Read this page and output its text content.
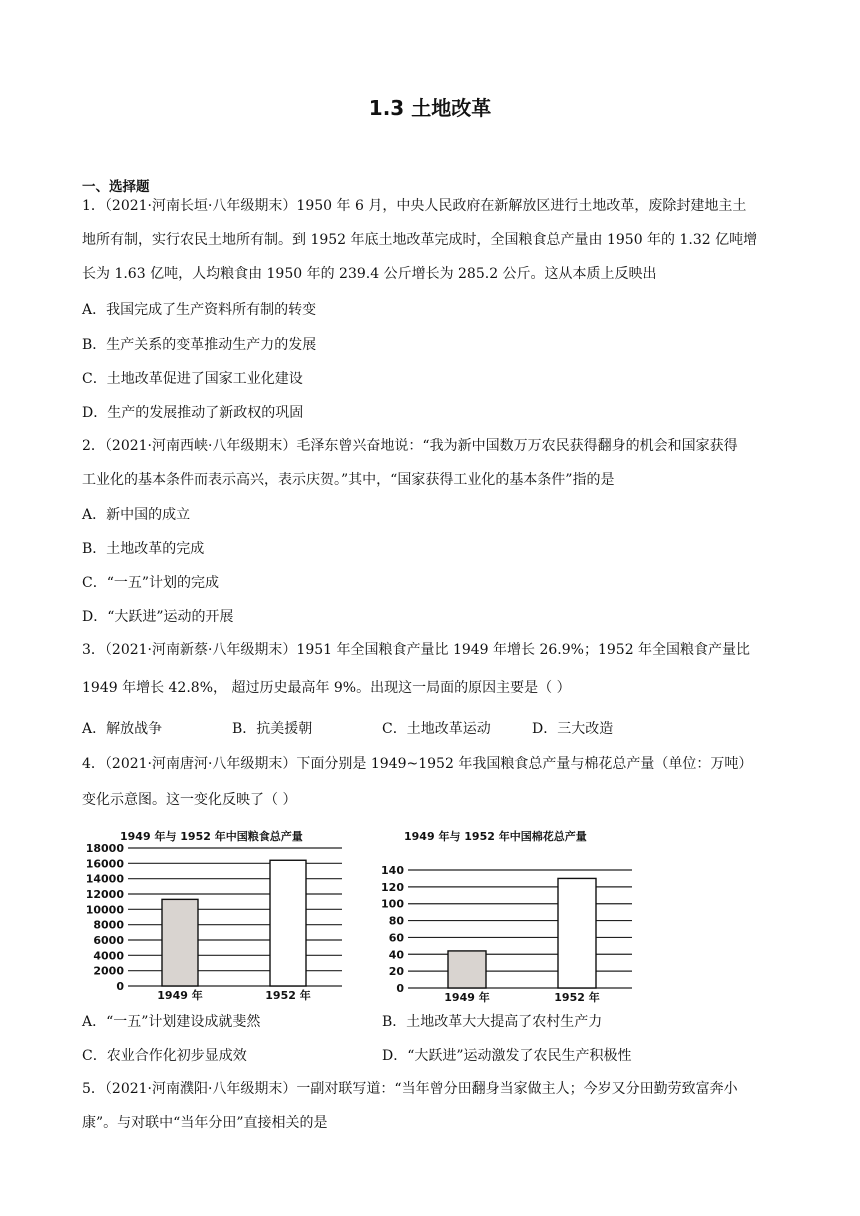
1.3 土地改革
一、选择题
1．（2021·河南长垣·八年级期末）1950 年 6 月，中央人民政府在新解放区进行土地改革，废除封建地主土
地所有制，实行农民土地所有制。到 1952 年底土地改革完成时，全国粮食总产量由 1950 年的 1.32 亿吨增
长为 1.63 亿吨，人均粮食由 1950 年的 239.4 公斤增长为 285.2 公斤。这从本质上反映出
A．我国完成了生产资料所有制的转变
B．生产关系的变革推动生产力的发展
C．土地改革促进了国家工业化建设
D．生产的发展推动了新政权的巩固
2．（2021·河南西峡·八年级期末）毛泽东曾兴奋地说：“我为新中国数万万农民获得翻身的机会和国家获得
工业化的基本条件而表示高兴，表示庆贺。”其中，“国家获得工业化的基本条件”指的是
A．新中国的成立
B．土地改革的完成
C．“一五”计划的完成
D．“大跃进”运动的开展
3．（2021·河南新蔡·八年级期末）1951 年全国粮食产量比 1949 年增长 26.9%；1952 年全国粮食产量比
1949 年增长 42.8%， 超过历史最高年 9%。出现这一局面的原因主要是（ ）
A．解放战争	B．抗美援朝	C．土地改革运动	D．三大改造
4．（2021·河南唐河·八年级期末）下面分别是 1949~1952 年我国粮食总产量与棉花总产量（单位：万吨）
变化示意图。这一变化反映了（ ）
1949 年与 1952 年中国粮食总产量
0
2000
4000
6000
8000
10000
12000
14000
16000
18000
1949 年	1952 年
1949 年与 1952 年中国棉花总产量
0
20
40
60
80
100
120
140
1949 年	1952 年
A．“一五”计划建设成就斐然	B．土地改革大大提高了农村生产力
C．农业合作化初步显成效	D．“大跃进”运动激发了农民生产积极性
5．（2021·河南濮阳·八年级期末）一副对联写道：“当年曾分田翻身当家做主人；今岁又分田勤劳致富奔小
康”。与对联中“当年分田”直接相关的是
